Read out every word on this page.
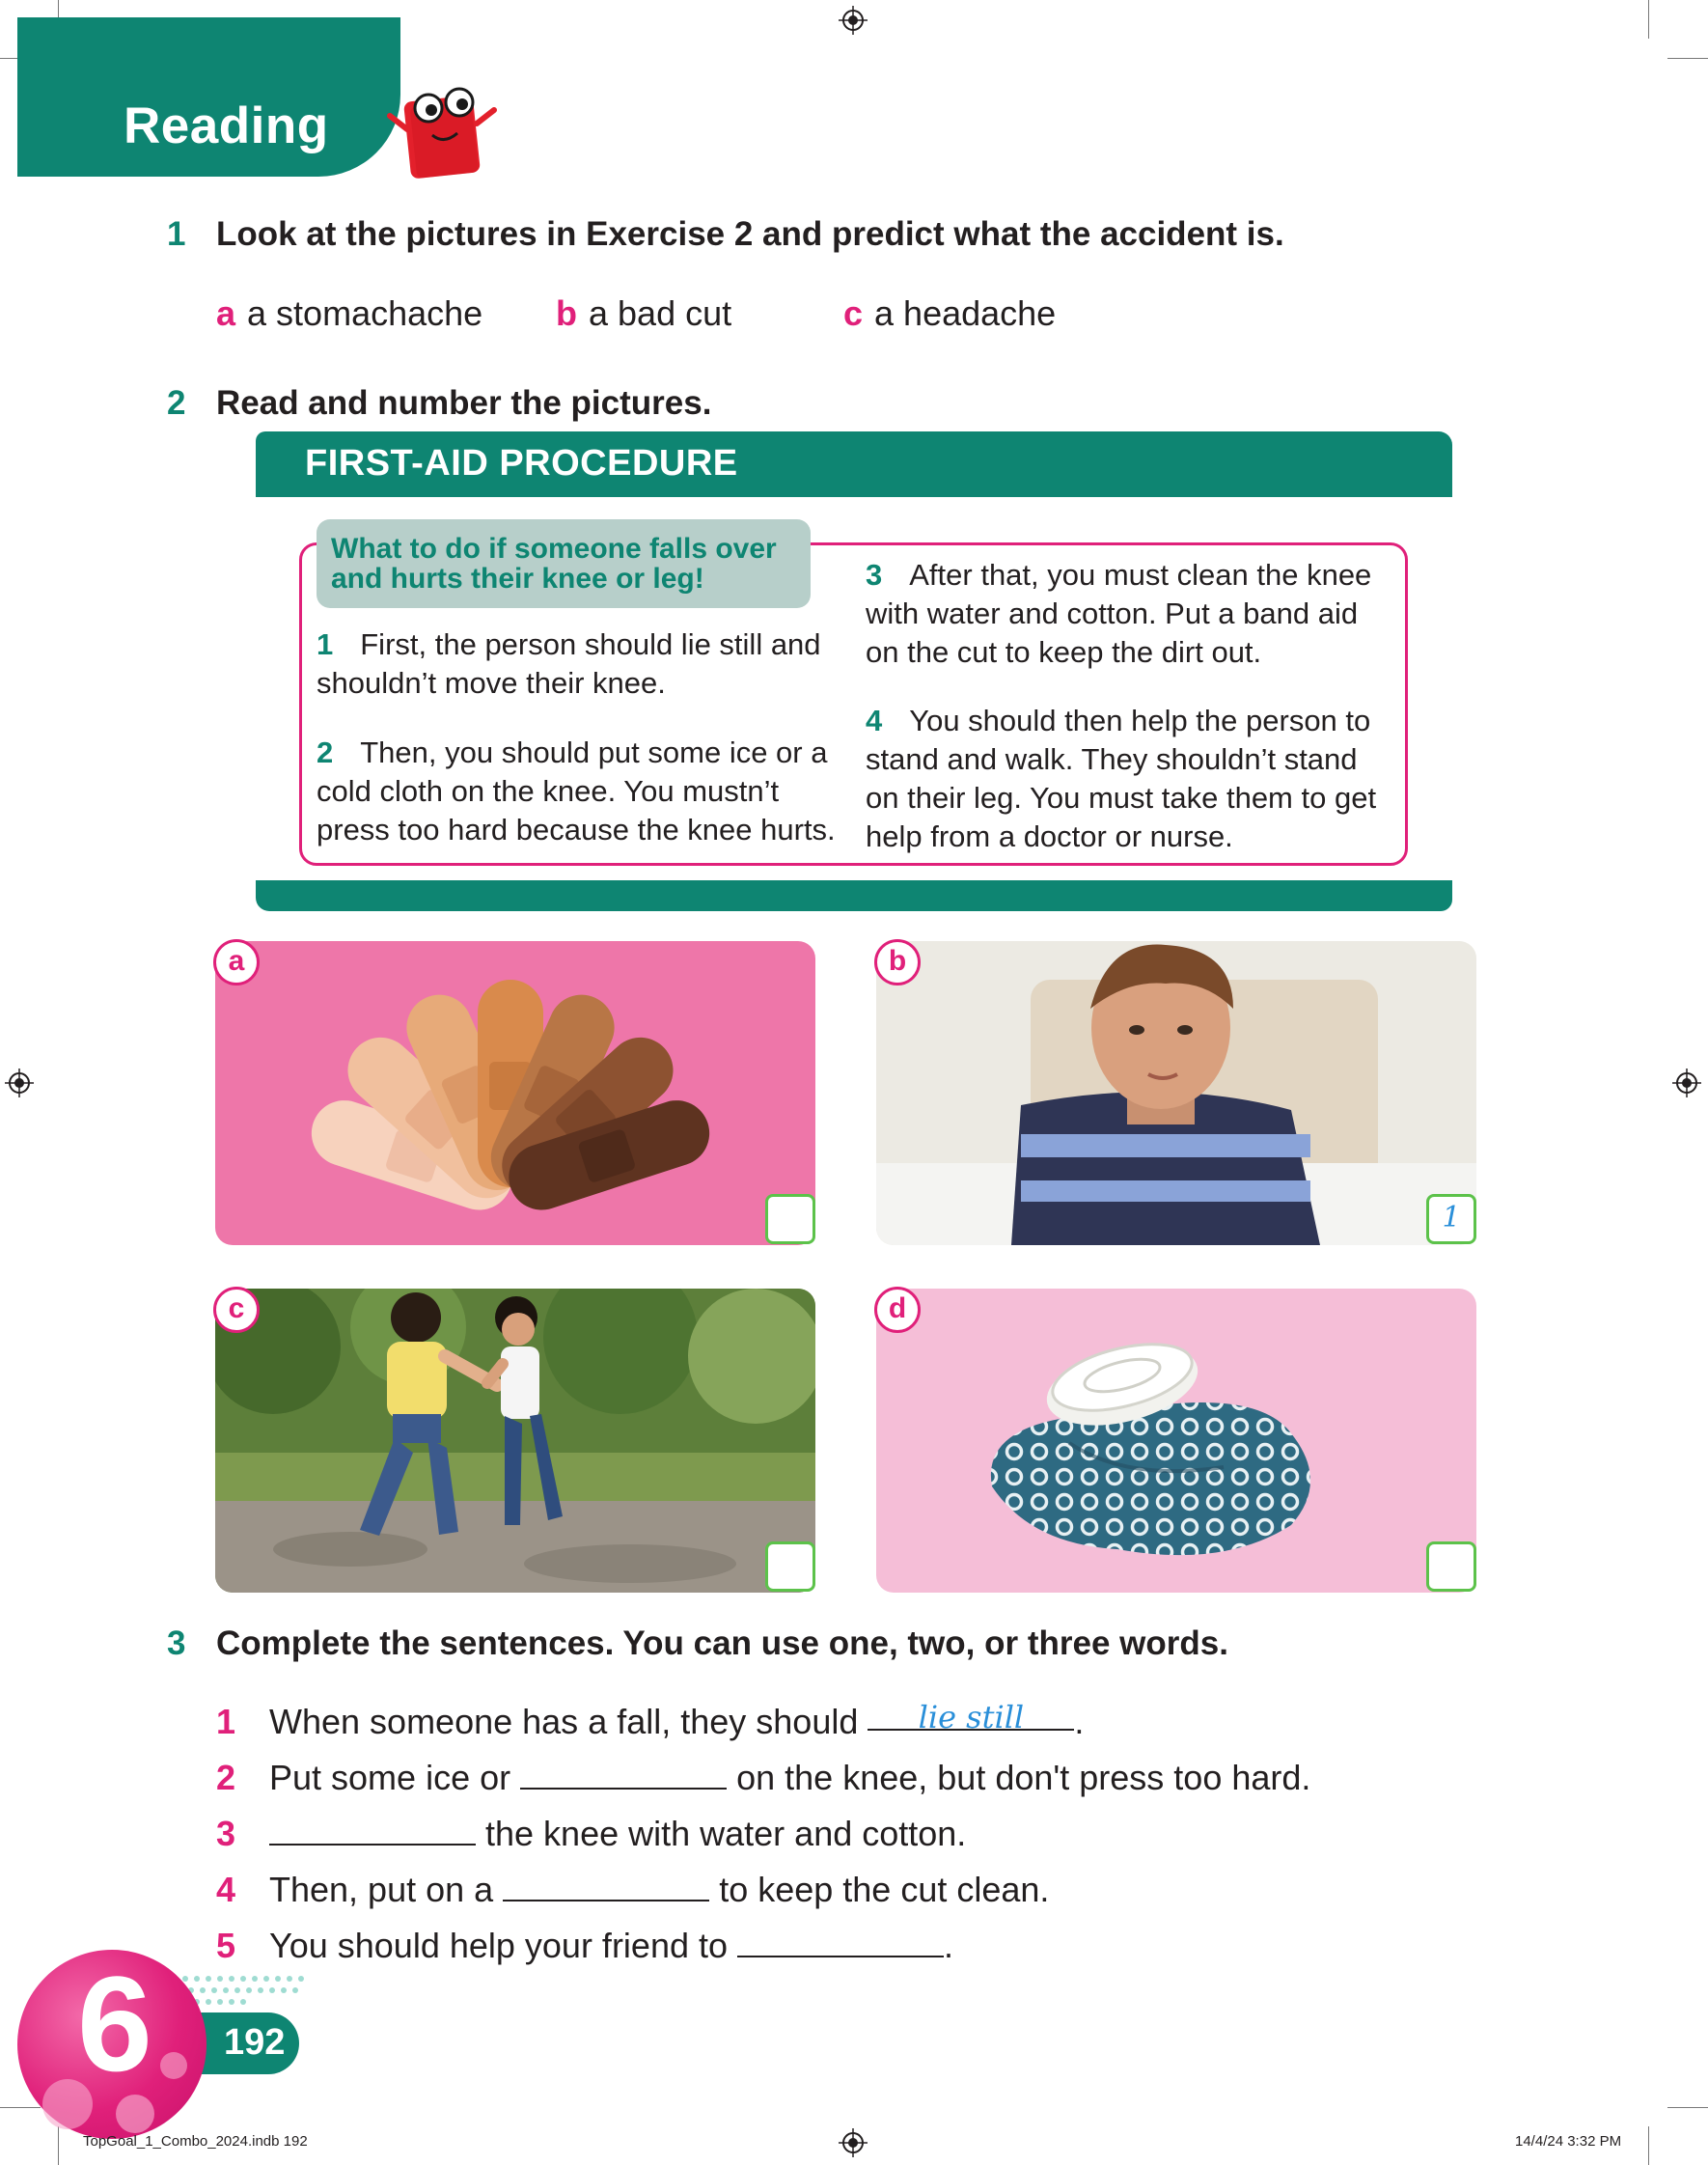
Reading
1 Look at the pictures in Exercise 2 and predict what the accident is.
a a stomachache b a bad cut	c a headache
2 Read and number the pictures.
FIRST-AID PROCEDURE
What to do if someone falls over and hurts their knee or leg!
1 First, the person should lie still and shouldn’t move their knee.
2 Then, you should put some ice or a cold cloth on the knee. You mustn’t press too hard because the knee hurts.
3 After that, you must clean the knee with water and cotton. Put a band aid on the cut to keep the dirt out.
4 You should then help the person to stand and walk. They shouldn’t stand on their leg. You must take them to get help from a doctor or nurse.
a	b
1
c	d
3 Complete the sentences. You can use one, two, or three words.
1 When someone has a fall, they should lie still .
2 Put some ice or	on the knee, but don't press too hard.
3	the knee with water and cotton.
4 Then, put on a	to keep the cut clean.
5 You should help your friend to	.
192
6
TopGoal_1_Combo_2024.indb 192	14/4/24 3:32 PM
